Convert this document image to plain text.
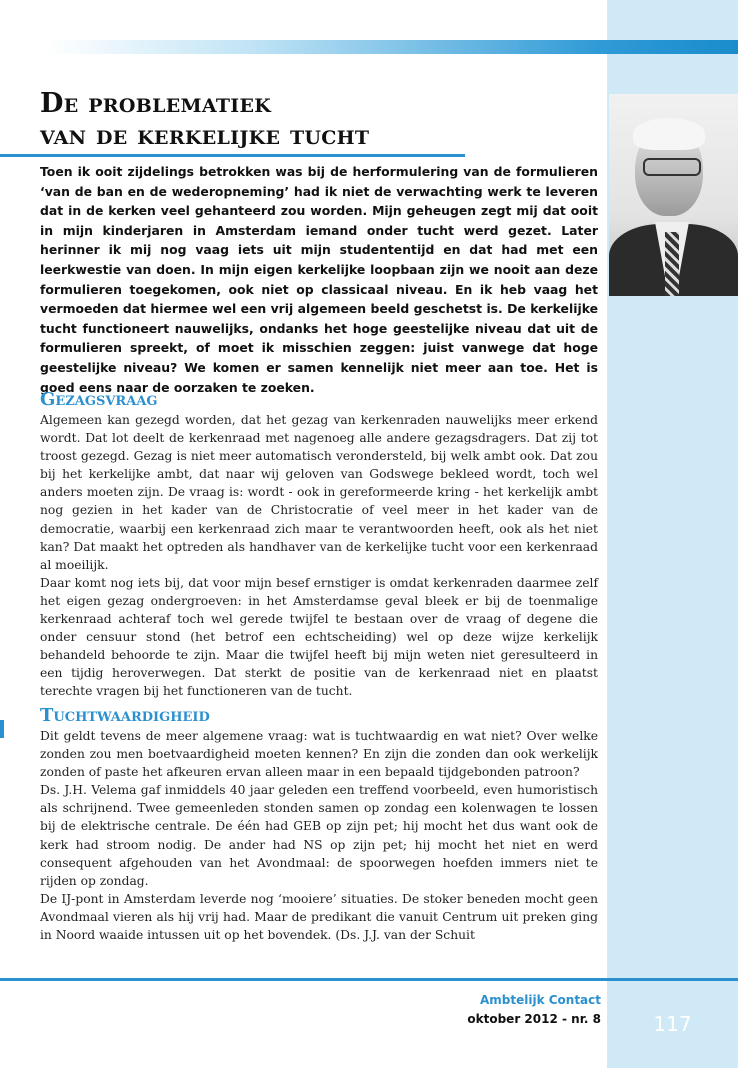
De problematiek
van de kerkelijke tucht

Toen ik ooit zijdelings betrokken was bij de herformulering van de formulieren ‘van de ban en de wederopneming’ had ik niet de verwachting werk te leveren dat in de kerken veel gehanteerd zou worden. Mijn geheugen zegt mij dat ooit in mijn kinderjaren in Amsterdam iemand onder tucht werd gezet. Later herinner ik mij nog vaag iets uit mijn studententijd en dat had met een leerkwestie van doen. In mijn eigen kerkelijke loopbaan zijn we nooit aan deze formulieren toegekomen, ook niet op classicaal niveau. En ik heb vaag het vermoeden dat hiermee wel een vrij algemeen beeld geschetst is. De kerkelijke tucht functioneert nauwelijks, ondanks het hoge geestelijke niveau dat uit de formulieren spreekt, of moet ik misschien zeggen: juist vanwege dat hoge geestelijke niveau? We komen er samen kennelijk niet meer aan toe. Het is goed eens naar de oorzaken te zoeken.

Gezagsvraag

Algemeen kan gezegd worden, dat het gezag van kerkenraden nauwelijks meer erkend wordt. Dat lot deelt de kerkenraad met nagenoeg alle andere gezagsdragers. Dat zij tot troost gezegd. Gezag is niet meer automatisch verondersteld, bij welk ambt ook. Dat zou bij het kerkelijke ambt, dat naar wij geloven van Godswege bekleed wordt, toch wel anders moeten zijn. De vraag is: wordt - ook in gereformeerde kring - het kerkelijk ambt nog gezien in het kader van de Christocratie of veel meer in het kader van de democratie, waarbij een kerkenraad zich maar te verantwoorden heeft, ook als het niet kan? Dat maakt het optreden als handhaver van de kerkelijke tucht voor een kerkenraad al moeilijk.

Daar komt nog iets bij, dat voor mijn besef ernstiger is omdat kerkenraden daarmee zelf het eigen gezag ondergroeven: in het Amsterdamse geval bleek er bij de toenmalige kerkenraad achteraf toch wel gerede twijfel te bestaan over de vraag of degene die onder censuur stond (het betrof een echtscheiding) wel op deze wijze kerkelijk behandeld behoorde te zijn. Maar die twijfel heeft bij mijn weten niet geresulteerd in een tijdig heroverwegen. Dat sterkt de positie van de kerkenraad niet en plaatst terechte vragen bij het functioneren van de tucht.

Tuchtwaardigheid

Dit geldt tevens de meer algemene vraag: wat is tuchtwaardig en wat niet? Over welke zonden zou men boetvaardigheid moeten kennen? En zijn die zonden dan ook werkelijk zonden of paste het afkeuren ervan alleen maar in een bepaald tijdgebonden patroon?

Ds. J.H. Velema gaf inmiddels 40 jaar geleden een treffend voorbeeld, even humoristisch als schrijnend. Twee gemeenleden stonden samen op zondag een kolenwagen te lossen bij de elektrische centrale. De één had GEB op zijn pet; hij mocht het dus want ook de kerk had stroom nodig. De ander had NS op zijn pet; hij mocht het niet en werd consequent afgehouden van het Avondmaal: de spoorwegen hoefden immers niet te rijden op zondag.

De IJ-pont in Amsterdam leverde nog ‘mooiere’ situaties. De stoker beneden mocht geen Avondmaal vieren als hij vrij had. Maar de predikant die vanuit Centrum uit preken ging in Noord waaide intussen uit op het bovendek. (Ds. J.J. van der Schuit

Ambtelijk Contact
oktober 2012 - nr. 8	117
